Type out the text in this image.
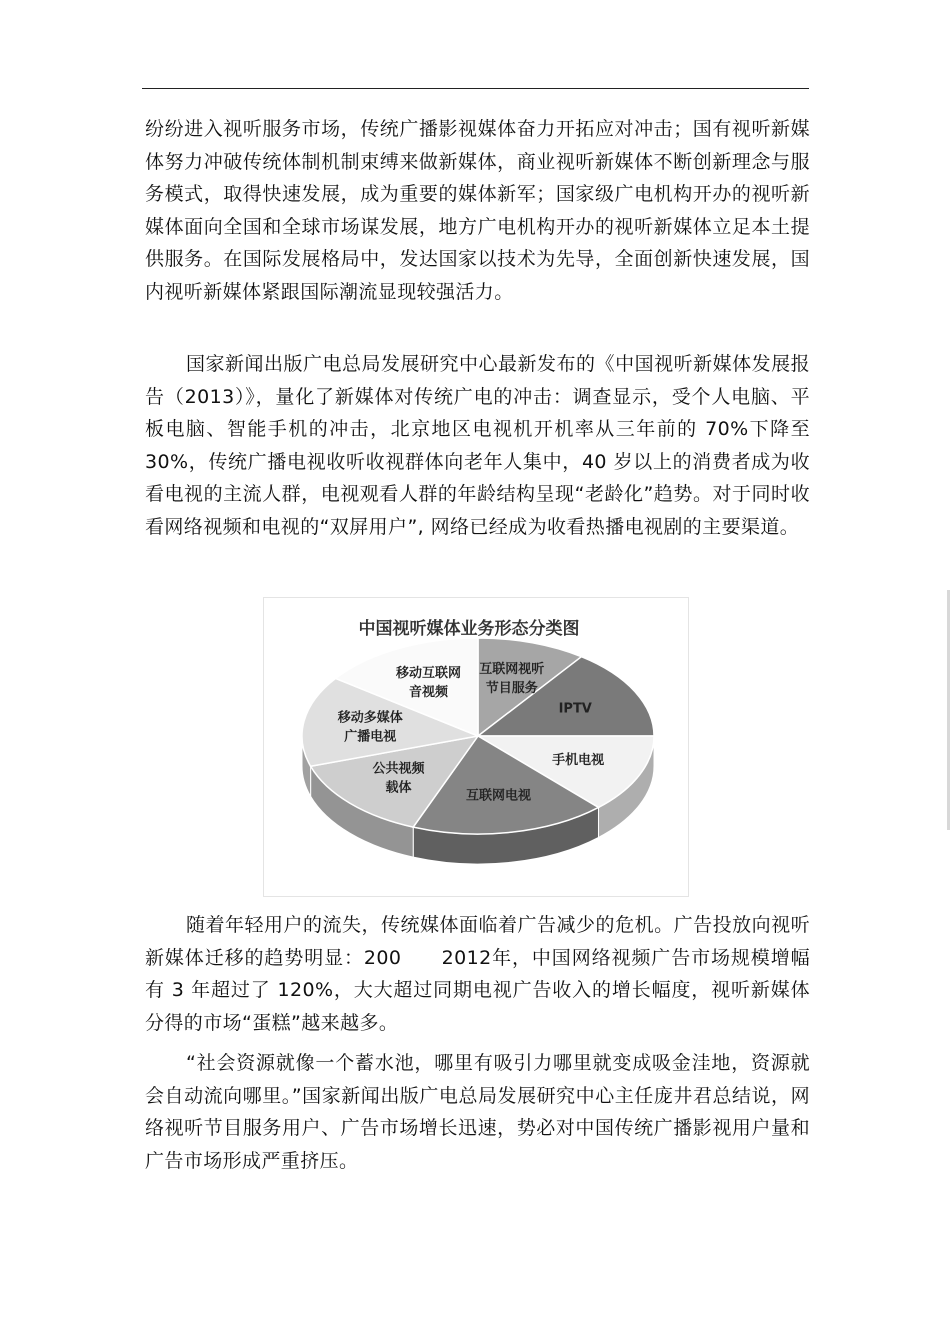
纷纷进入视听服务市场，传统广播影视媒体奋力开拓应对冲击；国有视听新媒体努力冲破传统体制机制束缚来做新媒体，商业视听新媒体不断创新理念与服务模式，取得快速发展，成为重要的媒体新军；国家级广电机构开办的视听新媒体面向全国和全球市场谋发展，地方广电机构开办的视听新媒体立足本土提供服务。在国际发展格局中，发达国家以技术为先导，全面创新快速发展，国内视听新媒体紧跟国际潮流显现较强活力。

国家新闻出版广电总局发展研究中心最新发布的《中国视听新媒体发展报告（2013）》，量化了新媒体对传统广电的冲击：调查显示，受个人电脑、平板电脑、智能手机的冲击，北京地区电视机开机率从三年前的 70%下降至 30%，传统广播电视收听收视群体向老年人集中，40 岁以上的消费者成为收看电视的主流人群，电视观看人群的年龄结构呈现“老龄化”趋势。对于同时收看网络视频和电视的“双屏用户”, 网络已经成为收看热播电视剧的主要渠道。

中国视听媒体业务形态分类图
互联网视听节目服务
IPTV
手机电视
互联网电视
公共视频载体
移动多媒体广播电视
移动互联网音视频

随着年轻用户的流失，传统媒体面临着广告减少的危机。广告投放向视听新媒体迁移的趋势明显：200　　2012年，中国网络视频广告市场规模增幅有 3 年超过了 120%，大大超过同期电视广告收入的增长幅度，视听新媒体分得的市场“蛋糕”越来越多。

“社会资源就像一个蓄水池，哪里有吸引力哪里就变成吸金洼地，资源就会自动流向哪里。”国家新闻出版广电总局发展研究中心主任庞井君总结说，网络视听节目服务用户、广告市场增长迅速，势必对中国传统广播影视用户量和广告市场形成严重挤压。
